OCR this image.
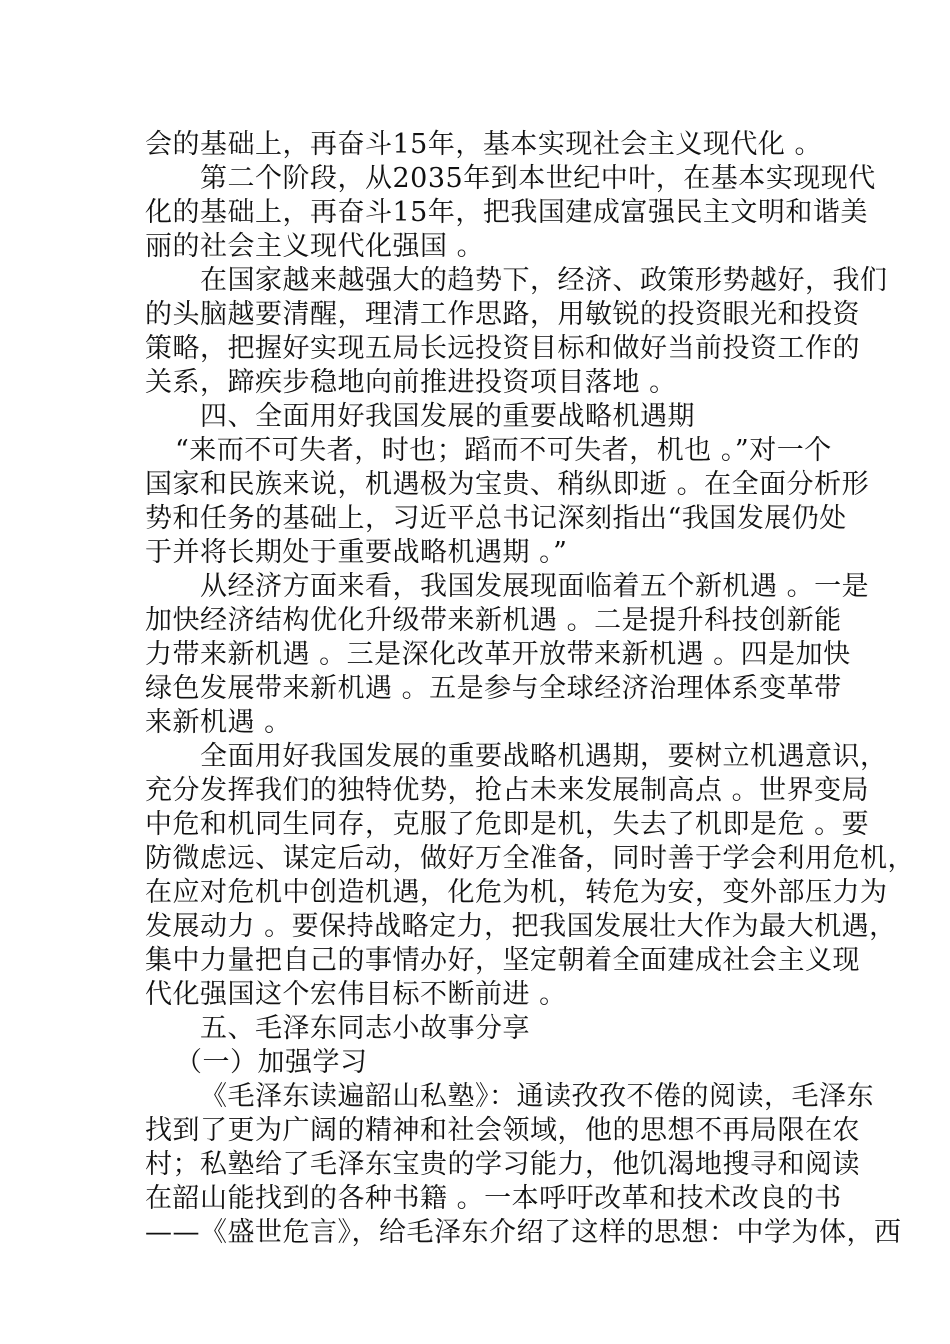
会的基础上，再奋斗15年，基本实现社会主义现代化 。
第二个阶段，从2035年到本世纪中叶，在基本实现现代
化的基础上，再奋斗15年，把我国建成富强民主文明和谐美
丽的社会主义现代化强国 。
在国家越来越强大的趋势下，经济、政策形势越好，我们
的头脑越要清醒，理清工作思路，用敏锐的投资眼光和投资
策略，把握好实现五局长远投资目标和做好当前投资工作的
关系，蹄疾步稳地向前推进投资项目落地 。
四、全面用好我国发展的重要战略机遇期
“来而不可失者，时也；蹈而不可失者，机也 。”对一个
国家和民族来说，机遇极为宝贵、稍纵即逝 。在全面分析形
势和任务的基础上，习近平总书记深刻指出“我国发展仍处
于并将长期处于重要战略机遇期 。”
从经济方面来看，我国发展现面临着五个新机遇 。一是
加快经济结构优化升级带来新机遇 。二是提升科技创新能
力带来新机遇 。三是深化改革开放带来新机遇 。四是加快
绿色发展带来新机遇 。五是参与全球经济治理体系变革带
来新机遇 。
全面用好我国发展的重要战略机遇期，要树立机遇意识，
充分发挥我们的独特优势，抢占未来发展制高点 。世界变局
中危和机同生同存，克服了危即是机，失去了机即是危 。要
防微虑远、谋定后动，做好万全准备，同时善于学会利用危机，
在应对危机中创造机遇，化危为机，转危为安，变外部压力为
发展动力 。要保持战略定力，把我国发展壮大作为最大机遇，
集中力量把自己的事情办好，坚定朝着全面建成社会主义现
代化强国这个宏伟目标不断前进 。
五、毛泽东同志小故事分享
（一）加强学习
《毛泽东读遍韶山私塾》：通读孜孜不倦的阅读，毛泽东
找到了更为广阔的精神和社会领域，他的思想不再局限在农
村；私塾给了毛泽东宝贵的学习能力，他饥渴地搜寻和阅读
在韶山能找到的各种书籍 。一本呼吁改革和技术改良的书
——《盛世危言》，给毛泽东介绍了这样的思想：中学为体，西
